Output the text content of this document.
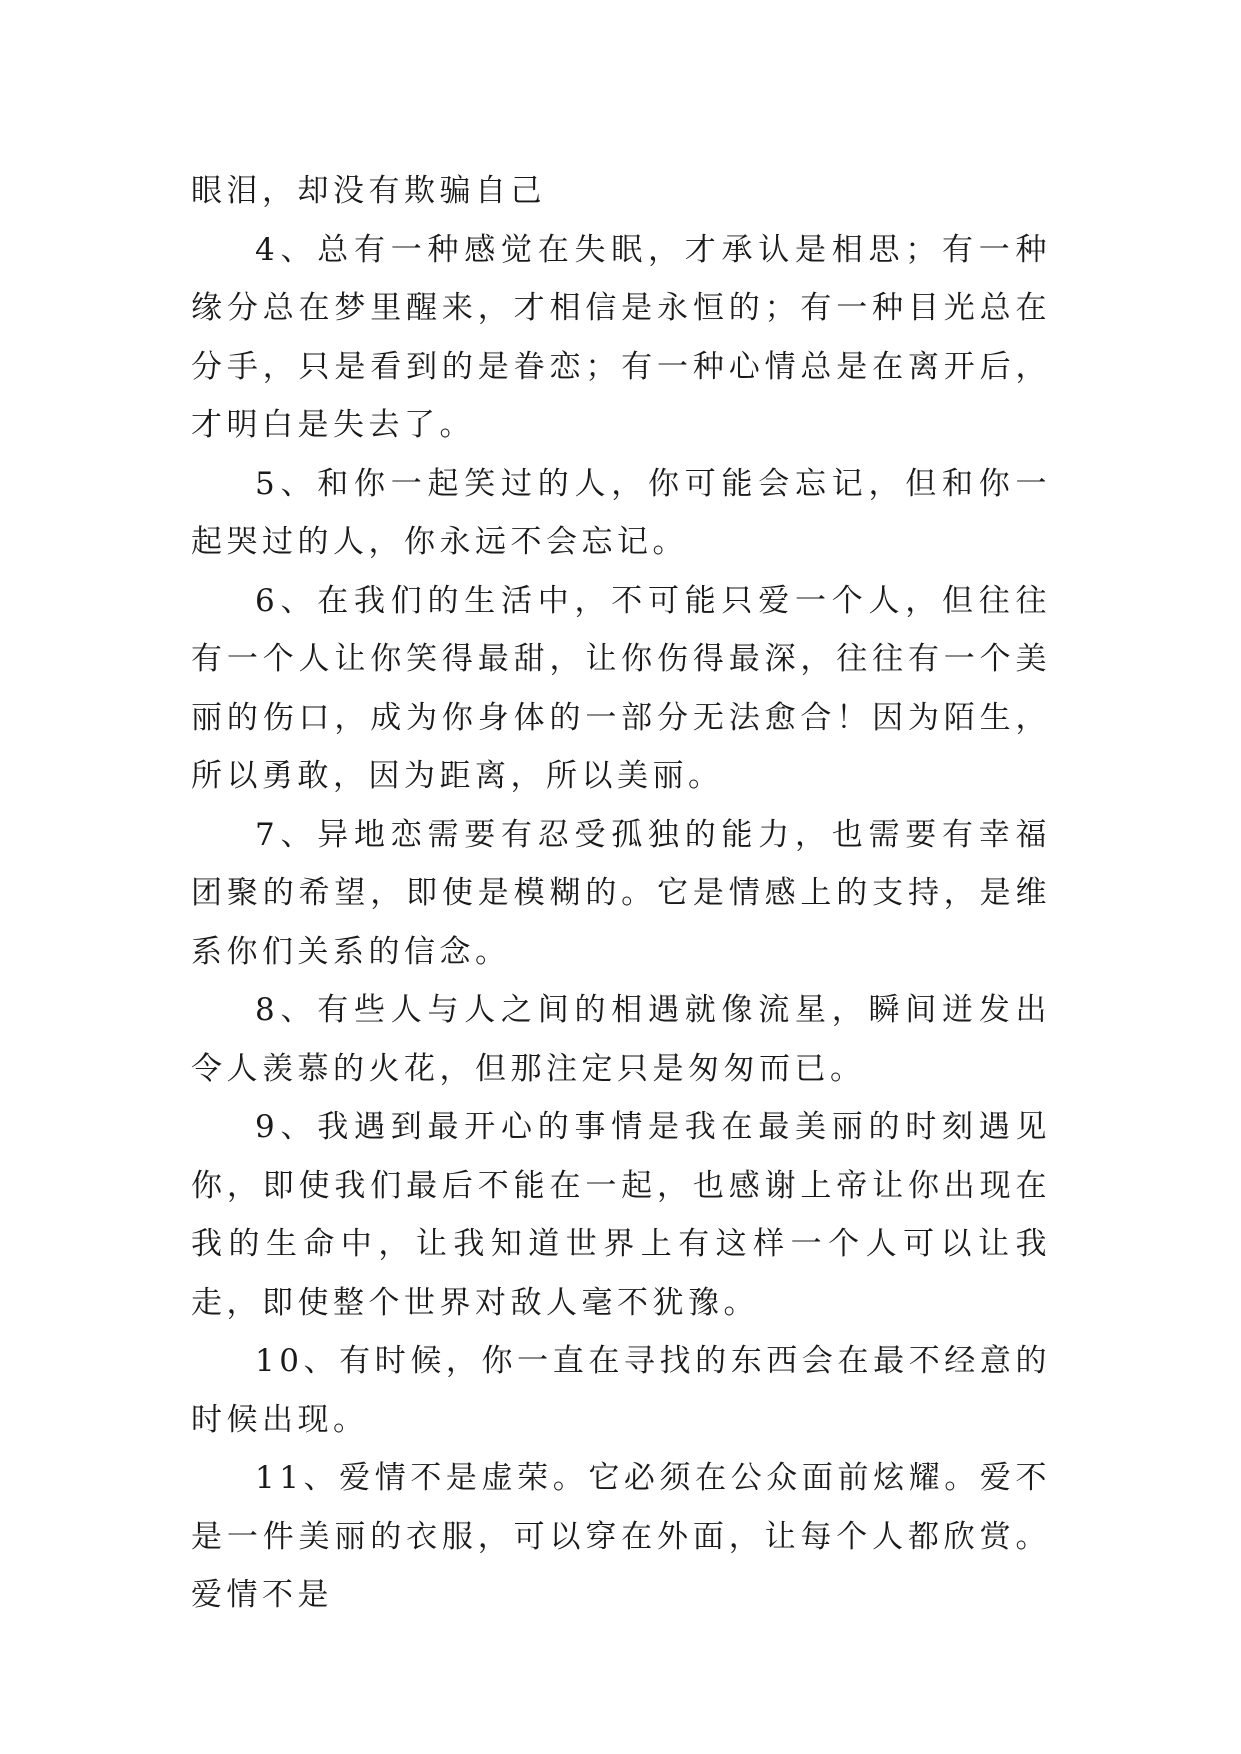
眼泪，却没有欺骗自己

4、总有一种感觉在失眠，才承认是相思；有一种缘分总在梦里醒来，才相信是永恒的；有一种目光总在分手，只是看到的是眷恋；有一种心情总是在离开后，才明白是失去了。

5、和你一起笑过的人，你可能会忘记，但和你一起哭过的人，你永远不会忘记。

6、在我们的生活中，不可能只爱一个人，但往往有一个人让你笑得最甜，让你伤得最深，往往有一个美丽的伤口，成为你身体的一部分无法愈合！因为陌生，所以勇敢，因为距离，所以美丽。

7、异地恋需要有忍受孤独的能力，也需要有幸福团聚的希望，即使是模糊的。它是情感上的支持，是维系你们关系的信念。

8、有些人与人之间的相遇就像流星，瞬间迸发出令人羡慕的火花，但那注定只是匆匆而已。

9、我遇到最开心的事情是我在最美丽的时刻遇见你，即使我们最后不能在一起，也感谢上帝让你出现在我的生命中，让我知道世界上有这样一个人可以让我走，即使整个世界对敌人毫不犹豫。

10、有时候，你一直在寻找的东西会在最不经意的时候出现。

11、爱情不是虚荣。它必须在公众面前炫耀。爱不是一件美丽的衣服，可以穿在外面，让每个人都欣赏。爱情不是
